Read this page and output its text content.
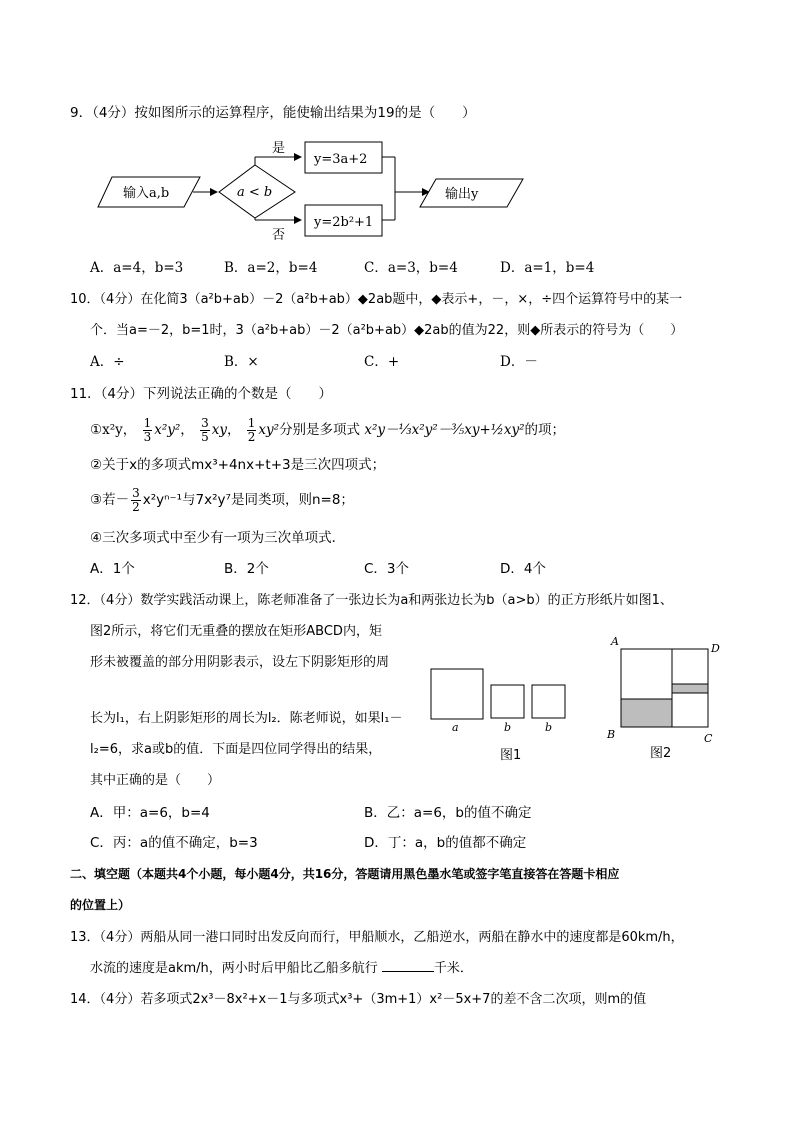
9．（4分）按如图所示的运算程序，能使输出结果为19的是（　　）
输入a,b	a < b
是
否
y=3a+2
y=2b²+1
输出y
A．a=4，b=3	B．a=2，b=4	C．a=3，b=4	D．a=1，b=4
10．（4分）在化简3（a²b+ab）－2（a²b+ab）◆2ab题中，◆表示+，－，×，÷四个运算符号中的某一
个．当a=－2，b=1时，3（a²b+ab）－2（a²b+ab）◆2ab的值为22，则◆所表示的符号为（　　）
A．÷	B．×	C．+	D．－
11．（4分）下列说法正确的个数是（　　）
①x²y， $\frac{1}{3} x^2y^2$， $\frac{3}{5}$ xy， $\frac{1}{2} xy^2$分别是多项式 x²y－⅓x²y²－⅗xy+½xy²的项；
②关于x的多项式mx³+4nx+t+3是三次四项式；
③若－ $\frac{3}{2} x^2y^{n-1}$与7x²y⁷是同类项，则n=8；
④三次多项式中至少有一项为三次单项式．
A．1个	B．2个	C．3个	D．4个
12．（4分）数学实践活动课上，陈老师准备了一张边长为a和两张边长为b（a>b）的正方形纸片如图1、
图2所示，将它们无重叠的摆放在矩形ABCD内，矩
形未被覆盖的部分用阴影表示，设左下阴影矩形的周
长为l₁，右上阴影矩形的周长为l₂．陈老师说，如果l₁－
l₂=6，求a或b的值．下面是四位同学得出的结果，
其中正确的是（　　）
a	b	b
图1
A
D
B	C
图2
A．甲：a=6，b=4	B．乙：a=6，b的值不确定
C．丙：a的值不确定，b=3	D．丁：a，b的值都不确定
二、填空题（本题共4个小题，每小题4分，共16分，答题请用黑色墨水笔或签字笔直接答在答题卡相应
的位置上）
13．（4分）两船从同一港口同时出发反向而行，甲船顺水，乙船逆水，两船在静水中的速度都是60km/h，
水流的速度是akm/h，两小时后甲船比乙船多航行	千米．
14．（4分）若多项式2x³－8x²+x－1与多项式x³+（3m+1）x²－5x+7的差不含二次项，则m的值
